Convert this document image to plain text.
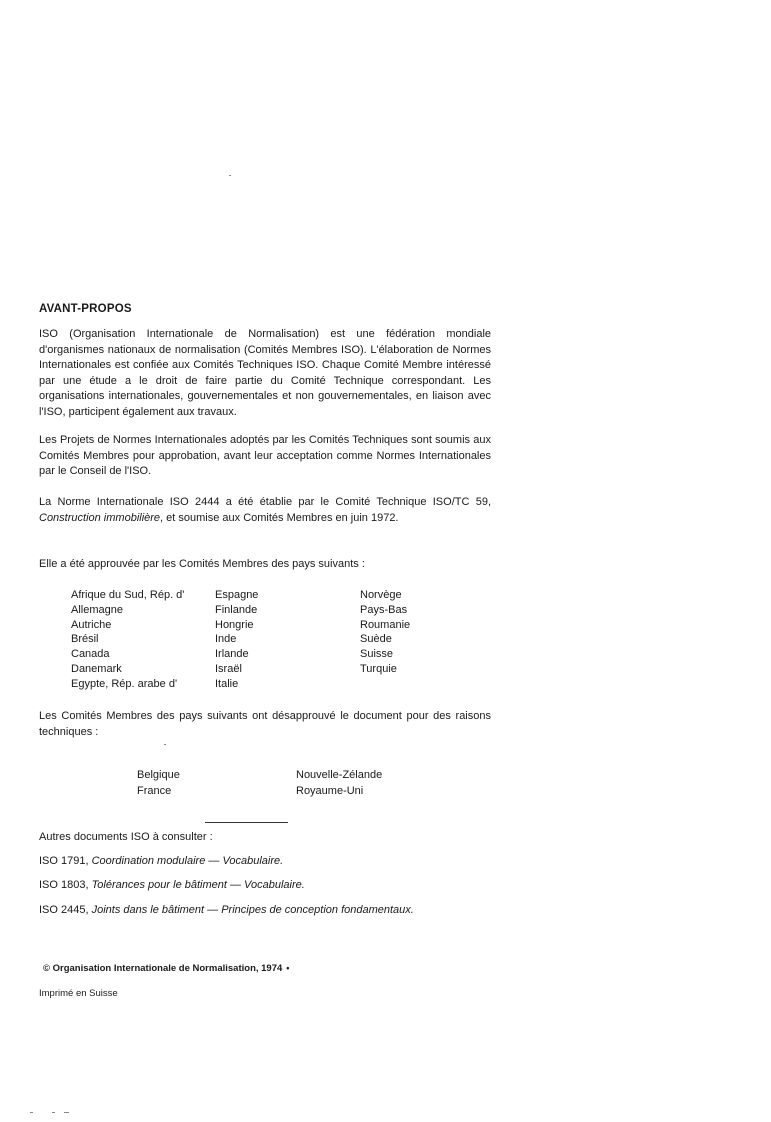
AVANT-PROPOS
ISO (Organisation Internationale de Normalisation) est une fédération mondiale d'organismes nationaux de normalisation (Comités Membres ISO). L'élaboration de Normes Internationales est confiée aux Comités Techniques ISO. Chaque Comité Membre intéressé par une étude a le droit de faire partie du Comité Technique correspondant. Les organisations internationales, gouvernementales et non gouvernementales, en liaison avec l'ISO, participent également aux travaux.
Les Projets de Normes Internationales adoptés par les Comités Techniques sont soumis aux Comités Membres pour approbation, avant leur acceptation comme Normes Internationales par le Conseil de l'ISO.
La Norme Internationale ISO 2444 a été établie par le Comité Technique ISO/TC 59, Construction immobilière, et soumise aux Comités Membres en juin 1972.
Elle a été approuvée par les Comités Membres des pays suivants :
Afrique du Sud, Rép. d'
Allemagne
Autriche
Brésil
Canada
Danemark
Egypte, Rép. arabe d'
Espagne
Finlande
Hongrie
Inde
Irlande
Israël
Italie
Norvège
Pays-Bas
Roumanie
Suède
Suisse
Turquie
Les Comités Membres des pays suivants ont désapprouvé le document pour des raisons techniques :
Belgique
France
Nouvelle-Zélande
Royaume-Uni
Autres documents ISO à consulter :
ISO 1791, Coordination modulaire — Vocabulaire.
ISO 1803, Tolérances pour le bâtiment — Vocabulaire.
ISO 2445, Joints dans le bâtiment — Principes de conception fondamentaux.
© Organisation Internationale de Normalisation, 1974 •
Imprimé en Suisse
